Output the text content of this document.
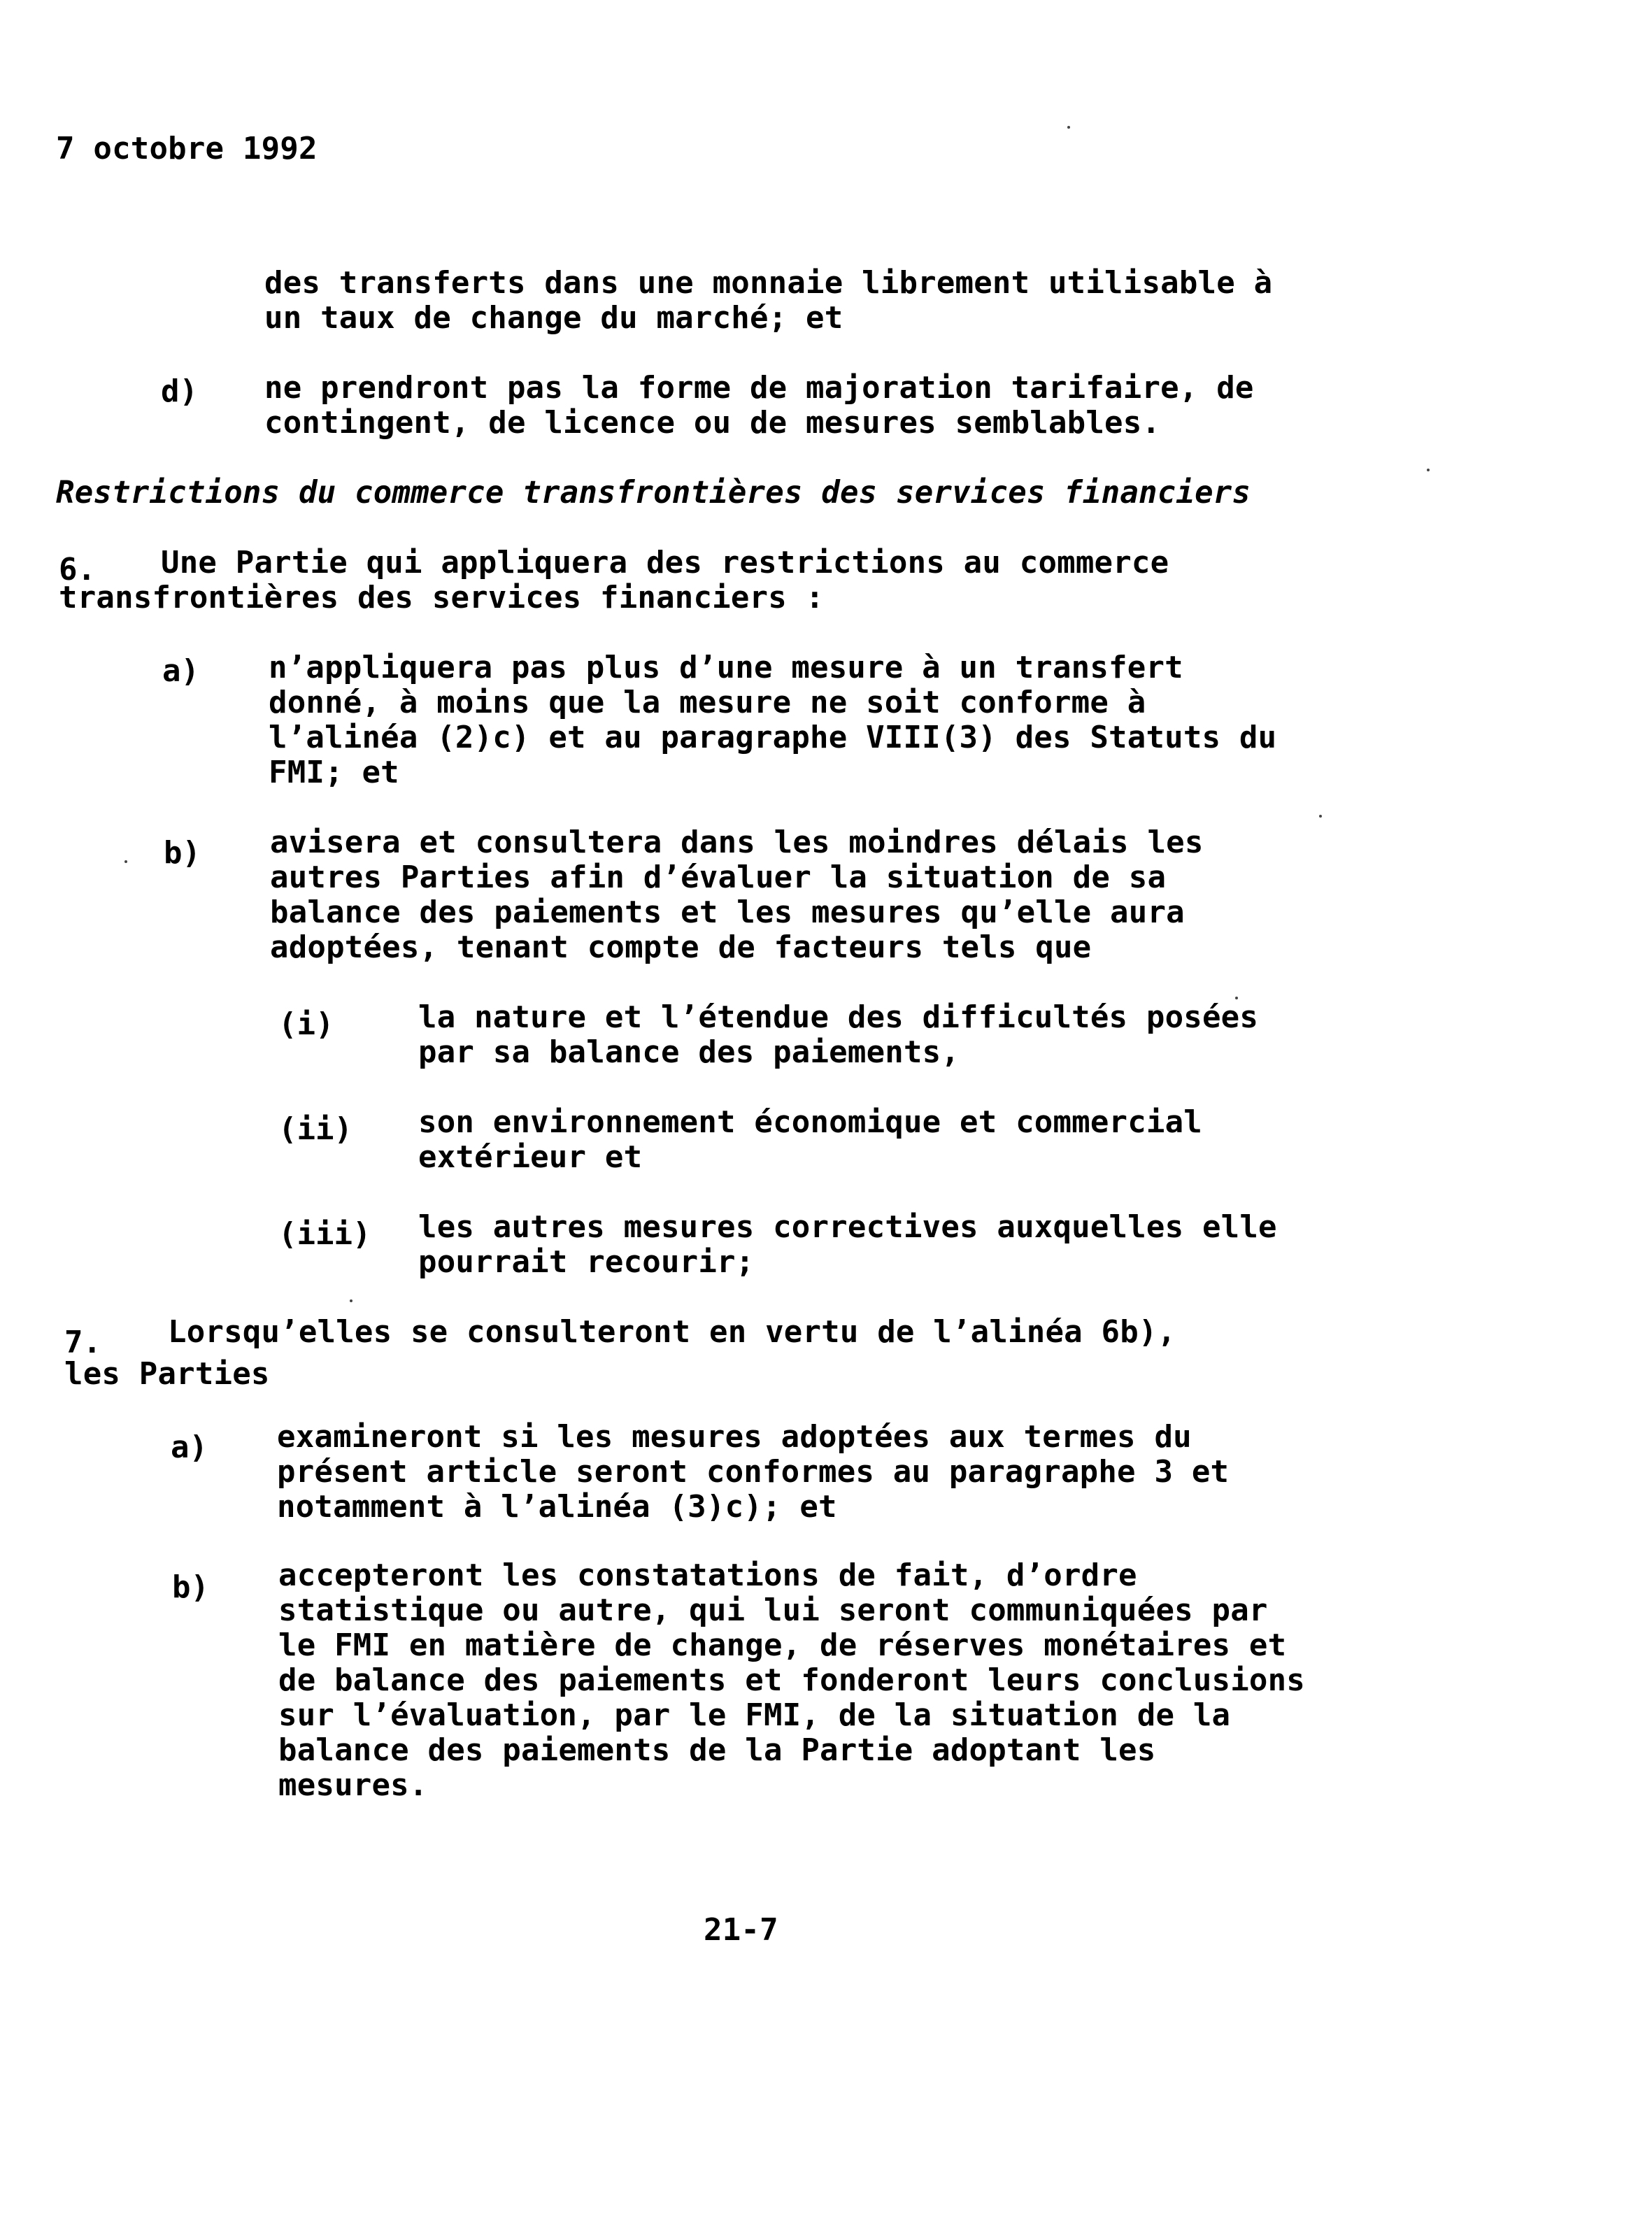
7 octobre 1992
des transferts dans une monnaie librement utilisable à
un taux de change du marché; et
d) ne prendront pas la forme de majoration tarifaire, de
contingent, de licence ou de mesures semblables.
Restrictions du commerce transfrontières des services financiers
6. Une Partie qui appliquera des restrictions au commerce
transfrontières des services financiers :
a) n’appliquera pas plus d’une mesure à un transfert
donné, à moins que la mesure ne soit conforme à
l’alinéa (2)c) et au paragraphe VIII(3) des Statuts du
FMI; et
b) avisera et consultera dans les moindres délais les
autres Parties afin d’évaluer la situation de sa
balance des paiements et les mesures qu’elle aura
adoptées, tenant compte de facteurs tels que
(i)	la nature et l’étendue des difficultés posées
par sa balance des paiements,
(ii) son environnement économique et commercial
extérieur et
(iii) les autres mesures correctives auxquelles elle
pourrait recourir;
7. Lorsqu’elles se consulteront en vertu de l’alinéa 6b),
les Parties
a) examineront si les mesures adoptées aux termes du
présent article seront conformes au paragraphe 3 et
notamment à l’alinéa (3)c); et
b) accepteront les constatations de fait, d’ordre
statistique ou autre, qui lui seront communiquées par
le FMI en matière de change, de réserves monétaires et
de balance des paiements et fonderont leurs conclusions
sur l’évaluation, par le FMI, de la situation de la
balance des paiements de la Partie adoptant les
mesures.
21-7
